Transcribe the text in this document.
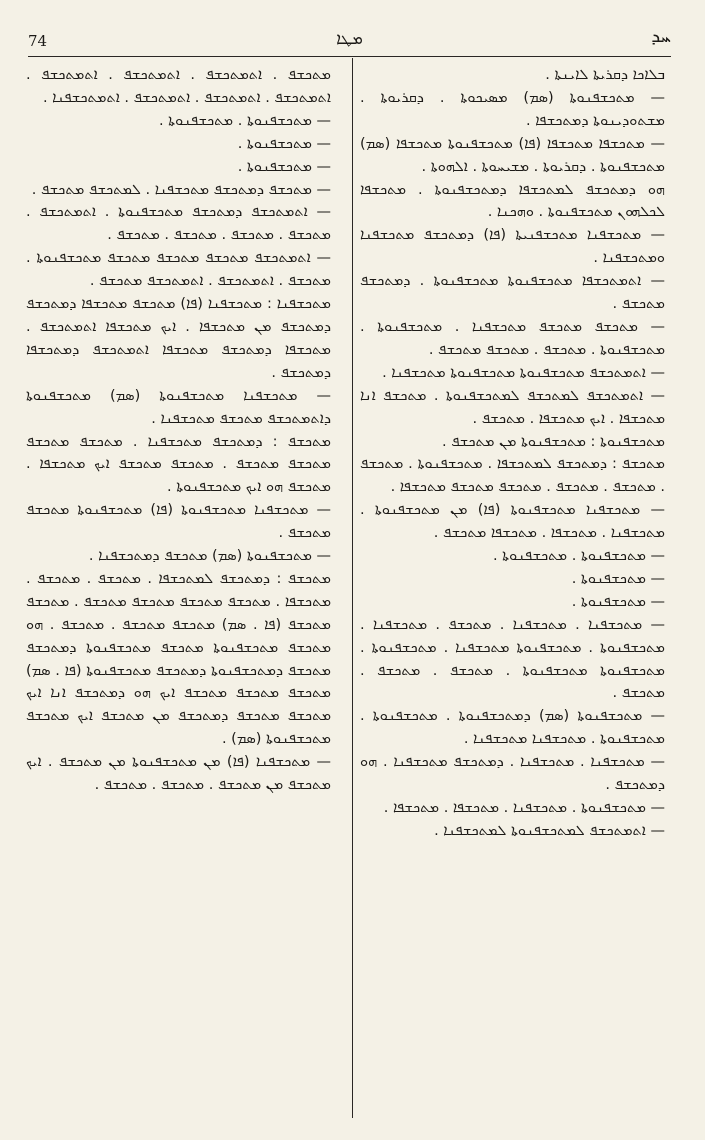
74	ܡܛܐ	ܚܕ

ܒܠܐܟܐ ܕܩܪܝܬܐ ܠܐܝܢܬܐ .

— ܡܬܟܫܦܢܘܬܐ (ܣܡ) ܡܣܝܟܘܬܐ . ܕܩܪܝܘܬܐ . ܡܫܬܘܕܝܢܘܬܐ ܕܡܬܟܫܦܐ .

— ܡܬܟܫܦܐ ܡܬܟܫܦܐ (ܦܐ) ܡܬܟܫܦܢܘܬܐ ܡܬܟܫܦܐ (ܣܡ) ܡܬܟܫܦܢܘܬܐ . ܕܩܪܝܘܬܐ . ܡܫܝܚܘܬܐ . ܐܠܗܘܬܐ .

ܗܘ ܕܡܬܟܫܦ ܠܡܬܟܫܦܐ ܕܡܬܟܫܦܢܘܬܐ . ܡܬܟܫܦܐ ܠܟܠܗܘܢ ܡܬܟܫܦܢܘܬܐ . ܘܗܟܢܐ .

— ܡܬܟܫܦܢܐ ܡܬܟܫܦܢܝܬܐ (ܦܐ) ܕܡܬܟܫܦ ܡܬܟܫܦܢܐ ܘܡܬܟܫܦܢܐ .

— ܐܬܡܬܟܫܦܐ ܡܬܟܫܦܢܘܬܐ ܡܬܟܫܦܢܘܬܐ . ܕܡܬܟܫܦ ܡܬܟܫܦ .

— ܡܬܟܫܦ ܡܬܟܫܦ ܡܬܟܫܦܢܐ . ܡܬܟܫܦܢܘܬܐ . ܡܬܟܫܦܢܘܬܐ . ܡܬܟܫܦ . ܡܬܟܫܦ ܡܬܟܫܦ .

— ܐܬܡܬܟܫܦ ܡܬܟܫܦܢܘܬܐ ܡܬܟܫܦܢܘܬܐ ܡܬܟܫܦܢܐ .

— ܐܬܡܬܟܫܦ ܠܡܬܟܫܦ ܠܡܬܟܫܦܢܘܬܐ . ܡܬܟܫܦ ܐܢܐ ܡܬܟܫܦܐ . ܐܝܟ ܡܬܟܫܦܐ . ܡܬܟܫܦ .

ܡܬܟܫܦܢܘܬܐ : ܡܬܟܫܦܢܘܬܐ ܡܢ ܡܬܟܫܦ .

ܡܬܟܫܦ : ܕܡܬܟܫܦ ܠܡܬܟܫܦܐ . ܡܬܟܫܦܢܘܬܐ . ܡܬܟܫܦ . ܡܬܟܫܦ . ܡܬܟܫܦ . ܡܬܟܫܦ ܡܬܟܫܦ ܡܬܟܫܦܐ .

— ܡܬܟܫܦܢܐ ܡܬܟܫܦܢܘܬܐ (ܦܐ) ܡܢ ܡܬܟܫܦܢܘܬܐ . ܡܬܟܫܦܢܐ . ܡܬܟܫܦܐ . ܡܬܟܫܦܐ ܡܬܟܫܦ .

— ܡܬܟܫܦܢܘܬܐ . ܡܬܟܫܦܢܘܬܐ .

— ܡܬܟܫܦܢܘܬܐ .

— ܡܬܟܫܦܢܘܬܐ .

— ܡܬܟܫܦܢܐ . ܡܬܟܫܦܢܐ . ܡܬܟܫܦ . ܡܬܟܫܦܢܐ . ܡܬܟܫܦܢܘܬܐ . ܡܬܟܫܦܢܘܬܐ ܡܬܟܫܦܢܐ . ܡܬܟܫܦܢܘܬܐ . ܡܬܟܫܦܢܘܬܐ ܡܬܟܫܦܢܘܬܐ . ܡܬܟܫܦ . ܡܬܟܫܦ . ܡܬܟܫܦ .

— ܡܬܟܫܦܢܘܬܐ (ܣܡ) ܕܡܬܟܫܦܢܘܬܐ . ܡܬܟܫܦܢܘܬܐ . ܡܬܟܫܦܢܘܬܐ . ܡܬܟܫܦܢܐ ܡܬܟܫܦܢܐ .

— ܡܬܟܫܦܢܐ . ܡܬܟܫܦܢܐ . ܕܡܬܟܫܦ ܡܬܟܫܦܢܐ . ܗܘ ܕܡܬܟܫܦ .

— ܡܬܟܫܦܢܘܬܐ . ܡܬܟܫܦܢܐ . ܡܬܟܫܦܐ . ܡܬܟܫܦܐ .

— ܐܬܡܬܟܫܦ ܠܡܬܟܫܦܢܘܬܐ ܠܡܬܟܫܦܢܐ .

ܡܬܟܫܦ . ܐܬܡܬܟܫܦ . ܐܬܡܬܟܫܦ . ܐܬܡܬܟܫܦ . ܐܬܡܬܟܫܦ . ܐܬܡܬܟܫܦ . ܐܬܡܬܟܫܦ . ܐܬܡܬܟܫܦܢܐ .

— ܡܬܟܫܦܢܘܬܐ . ܡܬܟܫܦܢܘܬܐ .

— ܡܬܟܫܦܢܘܬܐ .

— ܡܬܟܫܦܢܘܬܐ .

— ܡܬܟܫܦ ܕܡܬܟܫܦ ܡܬܟܫܦܢܐ . ܠܡܬܟܫܦ ܡܬܟܫܦ .

— ܐܬܡܬܟܫܦ ܕܡܬܟܫܦ ܡܬܟܫܦܢܘܬܐ . ܐܬܡܬܟܫܦ . ܡܬܟܫܦ . ܡܬܟܫܦ . ܡܬܟܫܦ . ܡܬܟܫܦ .

— ܐܬܡܬܟܫܦ ܡܬܟܫܦ ܡܬܟܫܦ ܡܬܟܫܦ ܡܬܟܫܦܢܘܬܐ . ܡܬܟܫܦ . ܐܬܡܬܟܫܦ . ܐܬܡܬܟܫܦ ܡܬܟܫܦ .

ܡܬܟܫܦܢܐ : ܡܬܟܫܦܢܐ (ܦܐ) ܡܬܟܫܦ ܡܬܟܫܦܐ ܕܡܬܟܫܦ ܕܡܬܟܫܦ ܡܢ ܡܬܟܫܦܐ . ܐܝܟ ܡܬܟܫܦܐ ܐܬܡܬܟܫܦ . ܡܬܟܫܦܐ ܕܡܬܟܫܦ ܡܬܟܫܦܐ ܐܬܡܬܟܫܦ ܕܡܬܟܫܦܐ ܕܡܬܟܫܦ .

— ܡܬܟܫܦܢܐ ܡܬܟܫܦܢܘܬܐ (ܣܡ) ܡܬܟܫܦܢܘܬܐ ܕܐܬܡܬܟܫܦ ܡܬܟܫܦ ܡܬܟܫܦܢܐ .

ܡܬܟܫܦ : ܕܡܬܟܫܦ ܡܬܟܫܦܢܐ . ܡܬܟܫܦ ܡܬܟܫܦ ܡܬܟܫܦ ܡܬܟܫܦ . ܡܬܟܫܦ ܡܬܟܫܦ ܐܝܟ ܡܬܟܫܦܐ . ܡܬܟܫܦ ܗܘ ܐܝܟ ܡܬܟܫܦܢܘܬܐ .

— ܡܬܟܫܦܢܐ ܡܬܟܫܦܢܘܬܐ (ܦܐ) ܡܬܟܫܦܢܘܬܐ ܡܬܟܫܦ ܡܬܟܫܦ .

— ܡܬܟܫܦܢܘܬܐ (ܣܡ) ܡܬܟܫܦ ܕܡܬܟܫܦܢܐ .

ܡܬܟܫܦ : ܕܡܬܟܫܦ ܠܡܬܟܫܦܐ . ܡܬܟܫܦ . ܡܬܟܫܦ . ܡܬܟܫܦܐ . ܡܬܟܫܦ ܡܬܟܫܦ ܡܬܟܫܦ ܡܬܟܫܦ . ܡܬܟܫܦ ܡܬܟܫܦ (ܦܐ . ܣܡ) ܡܬܟܫܦ ܡܬܟܫܦ . ܡܬܟܫܦ . ܗܘ ܡܬܟܫܦ ܡܬܟܫܦܢܘܬܐ ܡܬܟܫܦ ܡܬܟܫܦܢܘܬܐ ܕܡܬܟܫܦ ܡܬܟܫܦ ܕܡܬܟܫܦܢܘܬܐ ܕܡܬܟܫܦ ܡܬܟܫܦܢܘܬܐ (ܦܐ . ܣܡ) ܡܬܟܫܦ ܡܬܟܫܦ ܡܬܟܫܦ ܐܝܟ ܗܘ ܕܡܬܟܫܦ ܐܢܐ ܐܝܟ ܡܬܟܫܦ ܡܬܟܫܦ ܕܡܬܟܫܦ ܡܢ ܡܬܟܫܦ ܐܝܟ ܡܬܟܫܦ ܡܬܟܫܦܢܘܬܐ (ܣܡ) .

— ܡܬܟܫܦܢܐ (ܦܐ) ܡܢ ܡܬܟܫܦܢܘܬܐ ܡܢ ܡܬܟܫܦ . ܐܝܟ ܡܬܟܫܦ ܡܢ ܡܬܟܫܦ . ܡܬܟܫܦ . ܡܬܟܫܦ .
